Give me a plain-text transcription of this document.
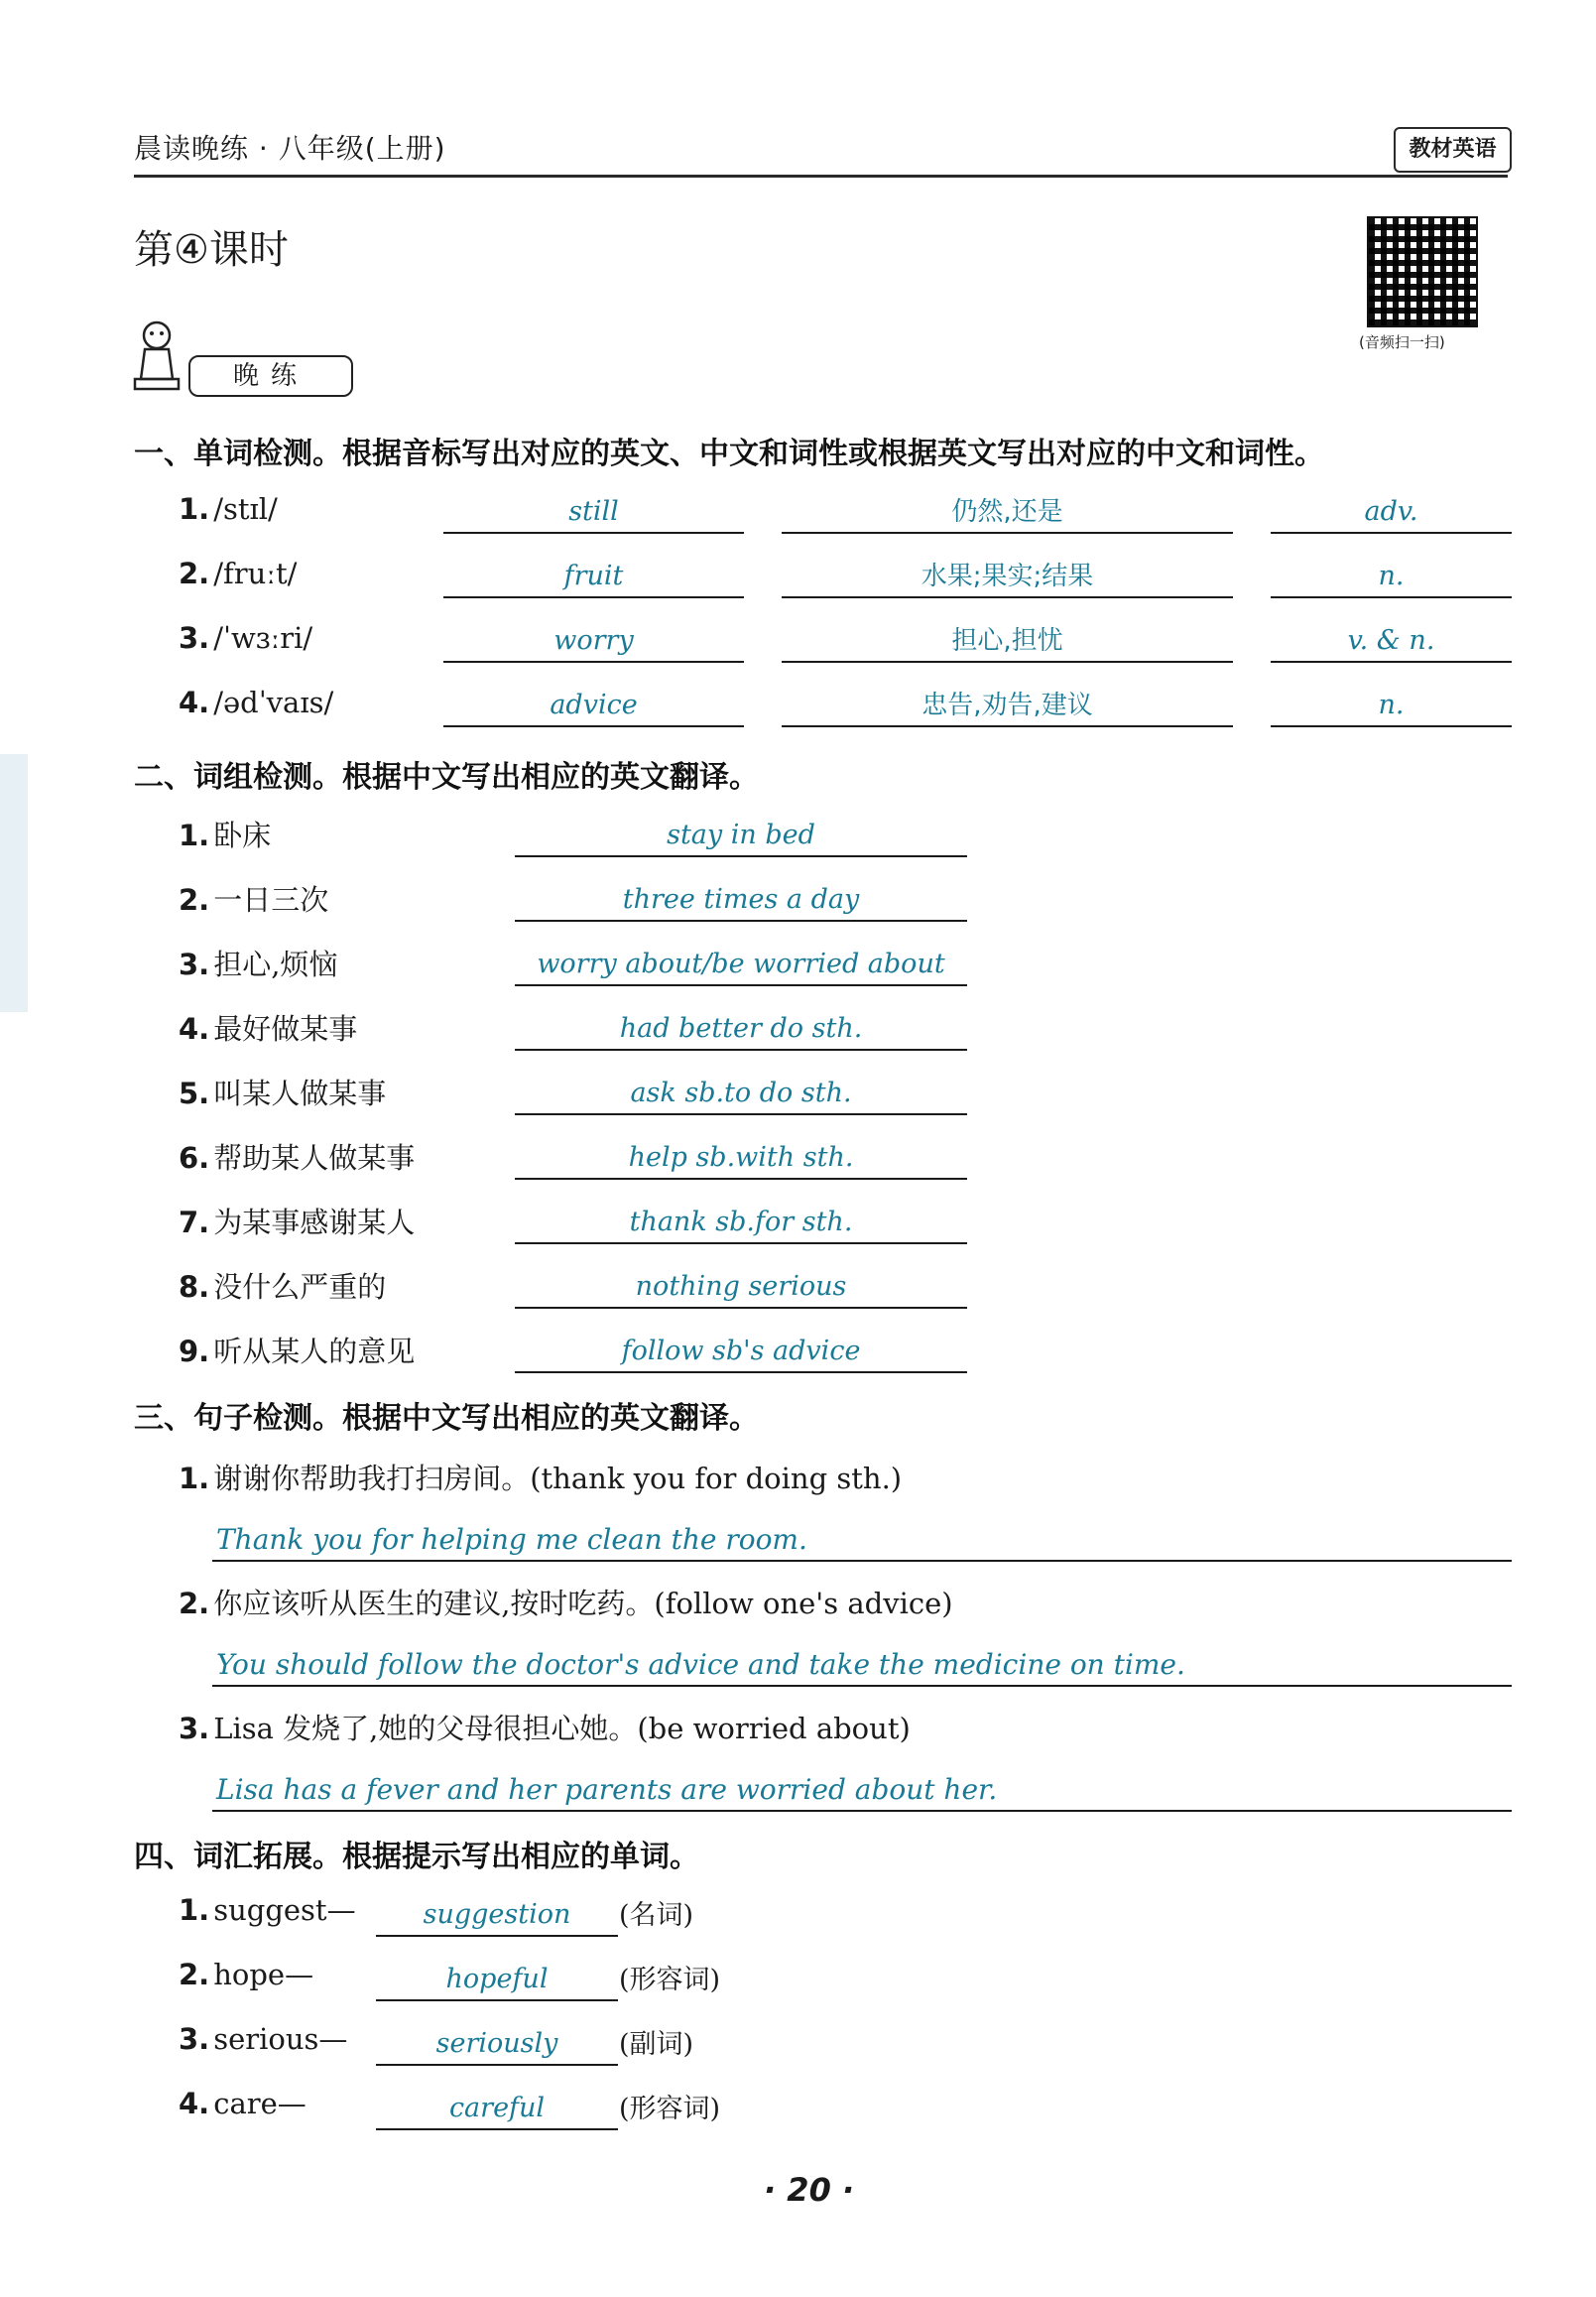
晨读晚练 · 八年级(上册)	教材英语
第④课时
(音频扫一扫)
晚练
一、单词检测。根据音标写出对应的英文、中文和词性或根据英文写出对应的中文和词性。
1. /stɪl/	still	仍然,还是	adv.
2. /fruːt/	fruit	水果;果实;结果	n.
3. /ˈwɜːri/	worry	担心,担忧	v. & n.
4. /ədˈvaɪs/	advice	忠告,劝告,建议	n.
二、词组检测。根据中文写出相应的英文翻译。
1. 卧床	stay in bed
2. 一日三次	three times a day
3. 担心,烦恼	worry about/be worried about
4. 最好做某事	had better do sth.
5. 叫某人做某事	ask sb.to do sth.
6. 帮助某人做某事	help sb.with sth.
7. 为某事感谢某人	thank sb.for sth.
8. 没什么严重的	nothing serious
9. 听从某人的意见	follow sb's advice
三、句子检测。根据中文写出相应的英文翻译。
1. 谢谢你帮助我打扫房间。(thank you for doing sth.)
Thank you for helping me clean the room.
2. 你应该听从医生的建议,按时吃药。(follow one's advice)
You should follow the doctor's advice and take the medicine on time.
3. Lisa 发烧了,她的父母很担心她。(be worried about)
Lisa has a fever and her parents are worried about her.
四、词汇拓展。根据提示写出相应的单词。
1. suggest—	suggestion	(名词)
2. hope—	hopeful	(形容词)
3. serious—	seriously	(副词)
4. care—	careful	(形容词)
· 20 ·
